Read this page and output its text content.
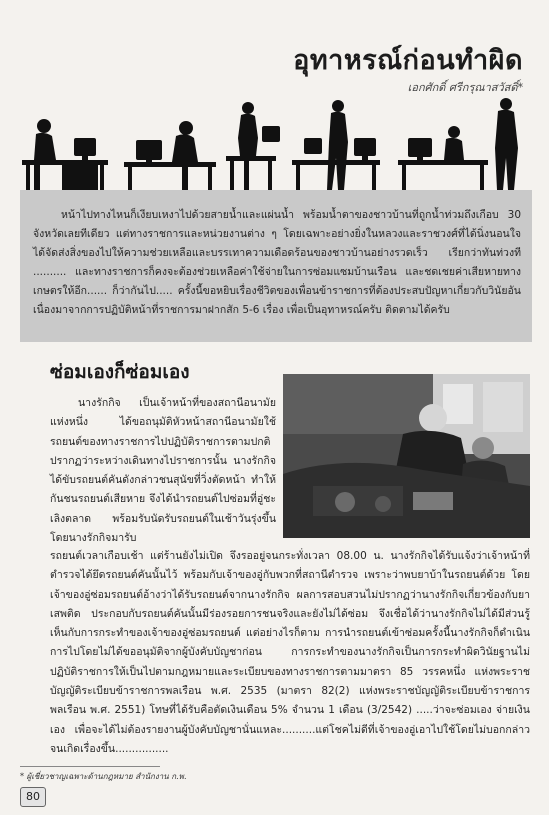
อุทาหรณ์ก่อนทำผิด
เอกศักดิ์ ศรีกรุณาสวัสดิ์*

หน้าไปทางไหนก็เงียบเหงาไปด้วยสายน้ำและแผ่นน้ำ พร้อมน้ำตาของชาวบ้านที่ถูกน้ำท่วมถึงเกือบ 30 จังหวัดเลยทีเดียว แต่ทางราชการและหน่วยงานต่าง ๆ โดยเฉพาะอย่างยิ่งในหลวงและราชวงศ์ที่ได้นิ่งนอนใจ ได้จัดส่งสิ่งของไปให้ความช่วยเหลือและบรรเทาความเดือดร้อนของชาวบ้านอย่างรวดเร็ว เรียกว่าทันท่วงที .......... และทางราชการก็คงจะต้องช่วยเหลือค่าใช้จ่ายในการซ่อมแซมบ้านเรือน และชดเชยค่าเสียหายทางเกษตรให้อีก...... ก็ว่ากันไป..... ครั้งนี้ขอหยิบเรื่องชีวิตของเพื่อนข้าราชการที่ต้องประสบปัญหาเกี่ยวกับวินัยอันเนื่องมาจากการปฏิบัติหน้าที่ราชการมาฝากสัก 5-6 เรื่อง เพื่อเป็นอุทาหรณ์ครับ ติดตามได้ครับ

ซ่อมเองก็ซ่อมเอง

นางรักกิจ เป็นเจ้าหน้าที่ของสถานีอนามัยแห่งหนึ่ง ได้ขอถนุมัติหัวหน้าสถานีอนามัยใช้รถยนต์ของทางราชการไปปฏิบัติราชการตามปกติ ปรากฏว่าระหว่างเดินทางไปราชการนั้น นางรักกิจได้ขับรถยนต์คันดังกล่าวชนสุนัขที่วิ่งตัดหน้า ทำให้กันชนรถยนต์เสียหาย จึงได้นำรถยนต์ไปซ่อมที่อู่ชะเลิงตลาด พร้อมรับนัดรับรถยนต์ในเช้าวันรุ่งขึ้น โดยนางรักกิจมารับ

รถยนต์เวลาเกือบเช้า แต่ร้านยังไม่เปิด จึงรออยู่จนกระทั่งเวลา 08.00 น. นางรักกิจได้รับแจ้งว่าเจ้าหน้าที่ตำรวจได้ยึดรถยนต์คันนั้นไว้ พร้อมกับเจ้าของอู่กับพวกที่สถานีตำรวจ เพราะว่าพบยาบ้าในรถยนต์ด้วย โดยเจ้าของอู่ซ่อมรถยนต์อ้างว่าได้รับรถยนต์จากนางรักกิจ ผลการสอบสวนไม่ปรากฏว่านางรักกิจเกี่ยวข้องกับยาเสพติด ประกอบกับรถยนต์คันนั้นมีร่องรอยการชนจริงและยังไม่ได้ซ่อม จึงเชื่อได้ว่านางรักกิจไม่ได้มีส่วนรู้เห็นกับการกระทำของเจ้าของอู่ซ่อมรถยนต์ แต่อย่างไรก็ตาม การนำรถยนต์เข้าซ่อมครั้งนี้นางรักกิจก็ดำเนินการไปโดยไม่ได้ขออนุมัติจากผู้บังคับบัญชาก่อน การกระทำของนางรักกิจเป็นการกระทำผิดวินัยฐานไม่ปฏิบัติราชการให้เป็นไปตามกฎหมายและระเบียบของทางราชการตามมาตรา 85 วรรคหนึ่ง แห่งพระราชบัญญัติระเบียบข้าราชการพลเรือน พ.ศ. 2535 (มาตรา 82(2) แห่งพระราชบัญญัติระเบียบข้าราชการพลเรือน พ.ศ. 2551) โทษที่ได้รับคือตัดเงินเดือน 5% จำนวน 1 เดือน (3/2542) .....ว่าจะซ่อมเอง จ่ายเงินเอง เพื่อจะได้ไม่ต้องรายงานผู้บังคับบัญชานั่นแหละ..........แต่โชคไม่ดีที่เจ้าของอู่เอาไปใช้โดยไม่บอกกล่าวจนเกิดเรื่องขึ้น................

* ผู้เชี่ยวชาญเฉพาะด้านกฎหมาย สำนักงาน ก.พ.
80
